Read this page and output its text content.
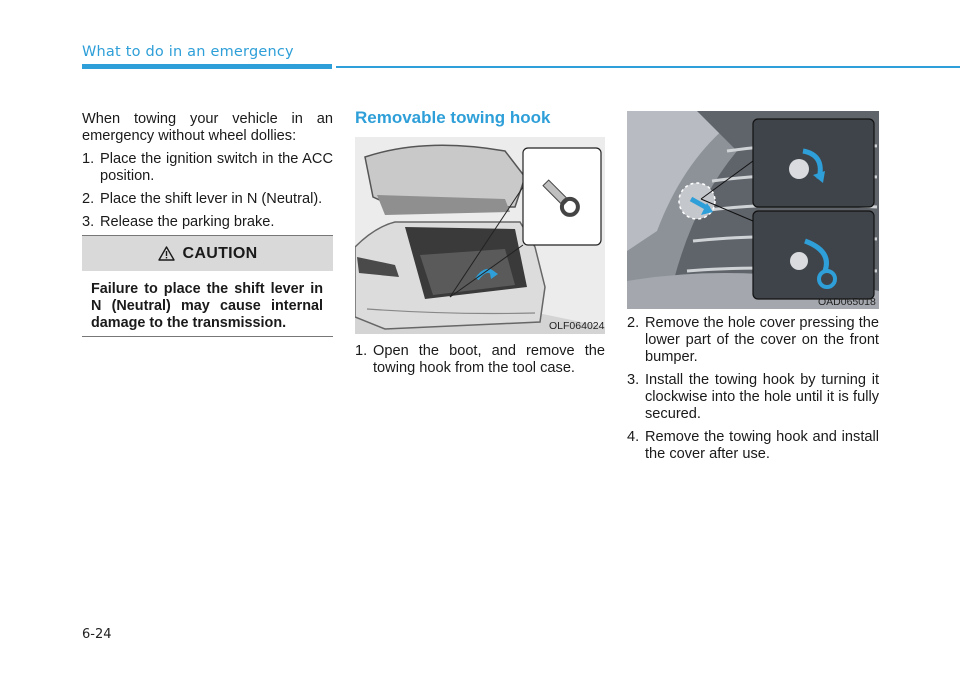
What to do in an emergency

When towing your vehicle in an emergency without wheel dollies:

1. Place the ignition switch in the ACC position.
2. Place the shift lever in N (Neutral).
3. Release the parking brake.
CAUTION
Failure to place the shift lever in N (Neutral) may cause internal damage to the transmission.
Removable towing hook
OLF064024
1. Open the boot, and remove the towing hook from the tool case.
OAD065018
2. Remove the hole cover pressing the lower part of the cover on the front bumper.
3. Install the towing hook by turning it clockwise into the hole until it is fully secured.
4. Remove the towing hook and install the cover after use.
6-24
